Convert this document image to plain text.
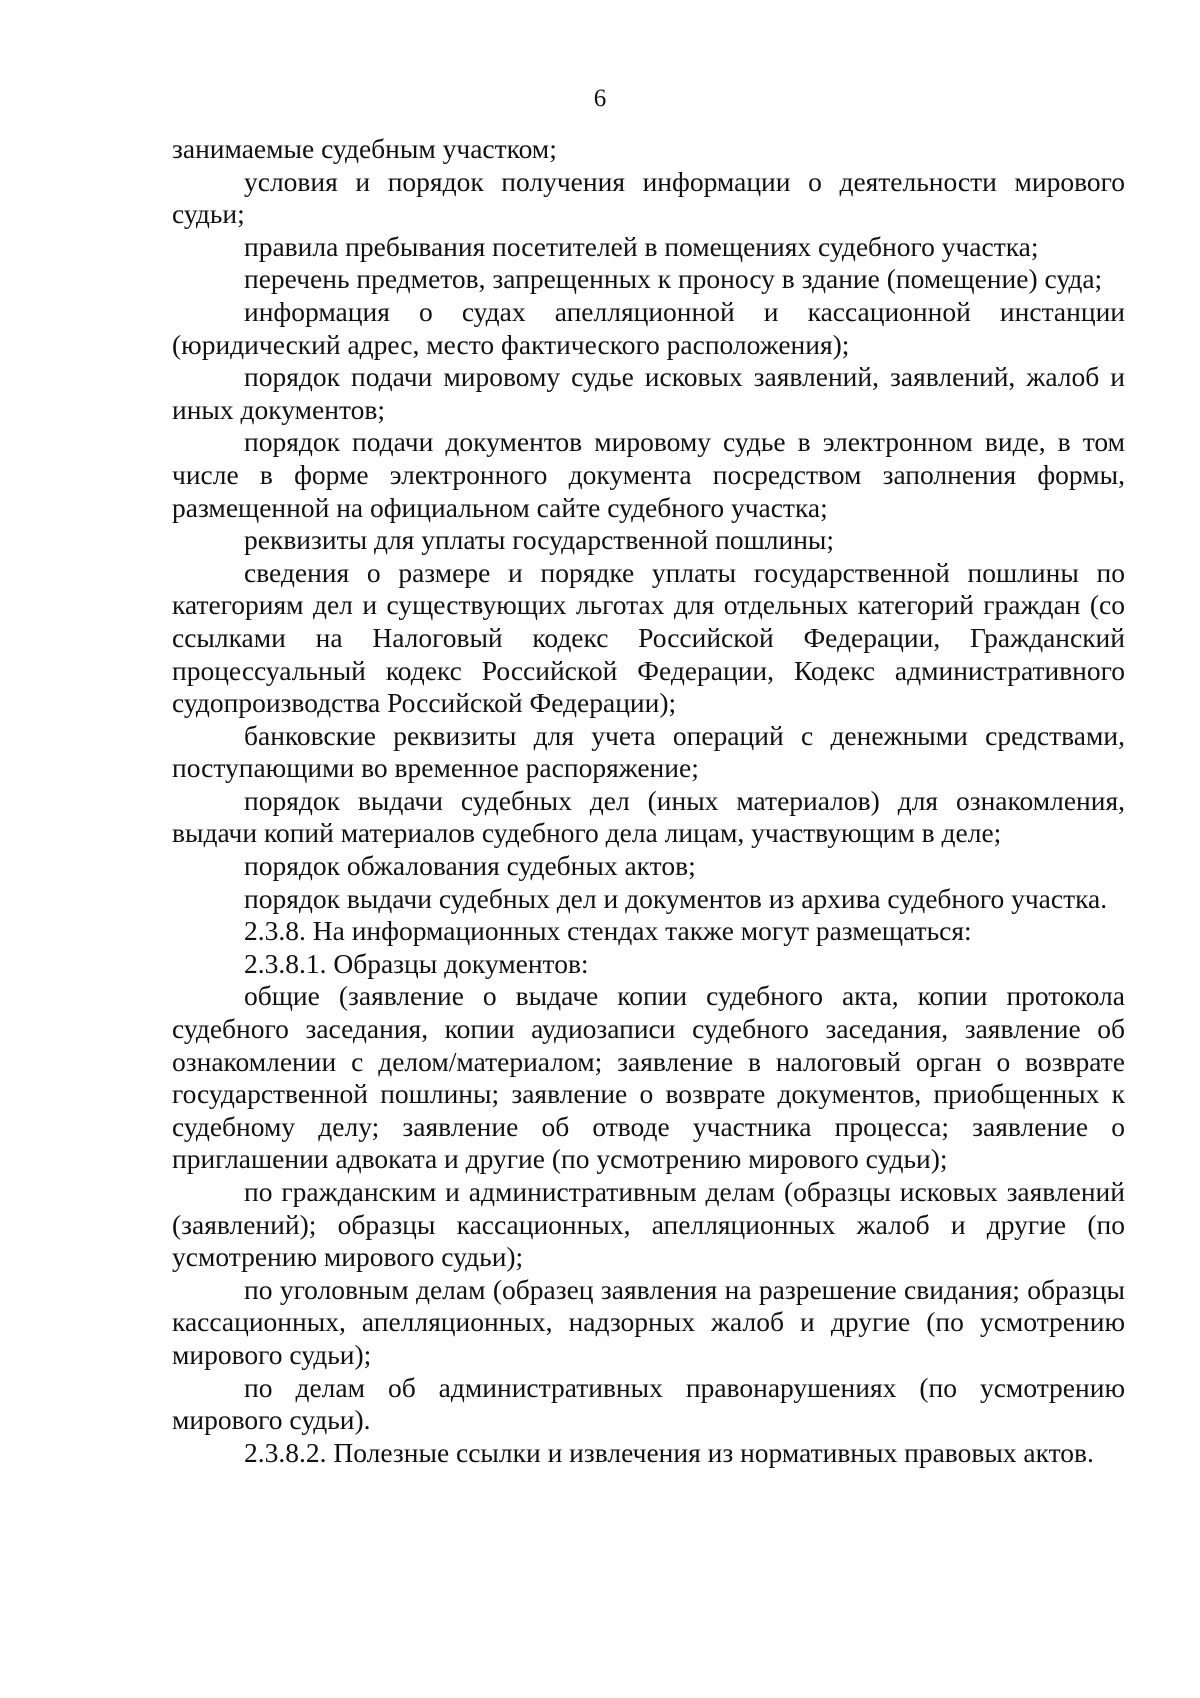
6

занимаемые судебным участком;

условия и порядок получения информации о деятельности мирового судьи;

правила пребывания посетителей в помещениях судебного участка;

перечень предметов, запрещенных к проносу в здание (помещение) суда;

информация о судах апелляционной и кассационной инстанции (юридический адрес, место фактического расположения);

порядок подачи мировому судье исковых заявлений, заявлений, жалоб и иных документов;

порядок подачи документов мировому судье в электронном виде, в том числе в форме электронного документа посредством заполнения формы, размещенной на официальном сайте судебного участка;

реквизиты для уплаты государственной пошлины;

сведения о размере и порядке уплаты государственной пошлины по категориям дел и существующих льготах для отдельных категорий граждан (со ссылками на Налоговый кодекс Российской Федерации, Гражданский процессуальный кодекс Российской Федерации, Кодекс административного судопроизводства Российской Федерации);

банковские реквизиты для учета операций с денежными средствами, поступающими во временное распоряжение;

порядок выдачи судебных дел (иных материалов) для ознакомления, выдачи копий материалов судебного дела лицам, участвующим в деле;

порядок обжалования судебных актов;

порядок выдачи судебных дел и документов из архива судебного участка.

2.3.8. На информационных стендах также могут размещаться:

2.3.8.1. Образцы документов:

общие (заявление о выдаче копии судебного акта, копии протокола судебного заседания, копии аудиозаписи судебного заседания, заявление об ознакомлении с делом/материалом; заявление в налоговый орган о возврате государственной пошлины; заявление о возврате документов, приобщенных к судебному делу; заявление об отводе участника процесса; заявление о приглашении адвоката и другие (по усмотрению мирового судьи);

по гражданским и административным делам (образцы исковых заявлений (заявлений); образцы кассационных, апелляционных жалоб и другие (по усмотрению мирового судьи);

по уголовным делам (образец заявления на разрешение свидания; образцы кассационных, апелляционных, надзорных жалоб и другие (по усмотрению мирового судьи);

по делам об административных правонарушениях (по усмотрению мирового судьи).

2.3.8.2. Полезные ссылки и извлечения из нормативных правовых актов.
